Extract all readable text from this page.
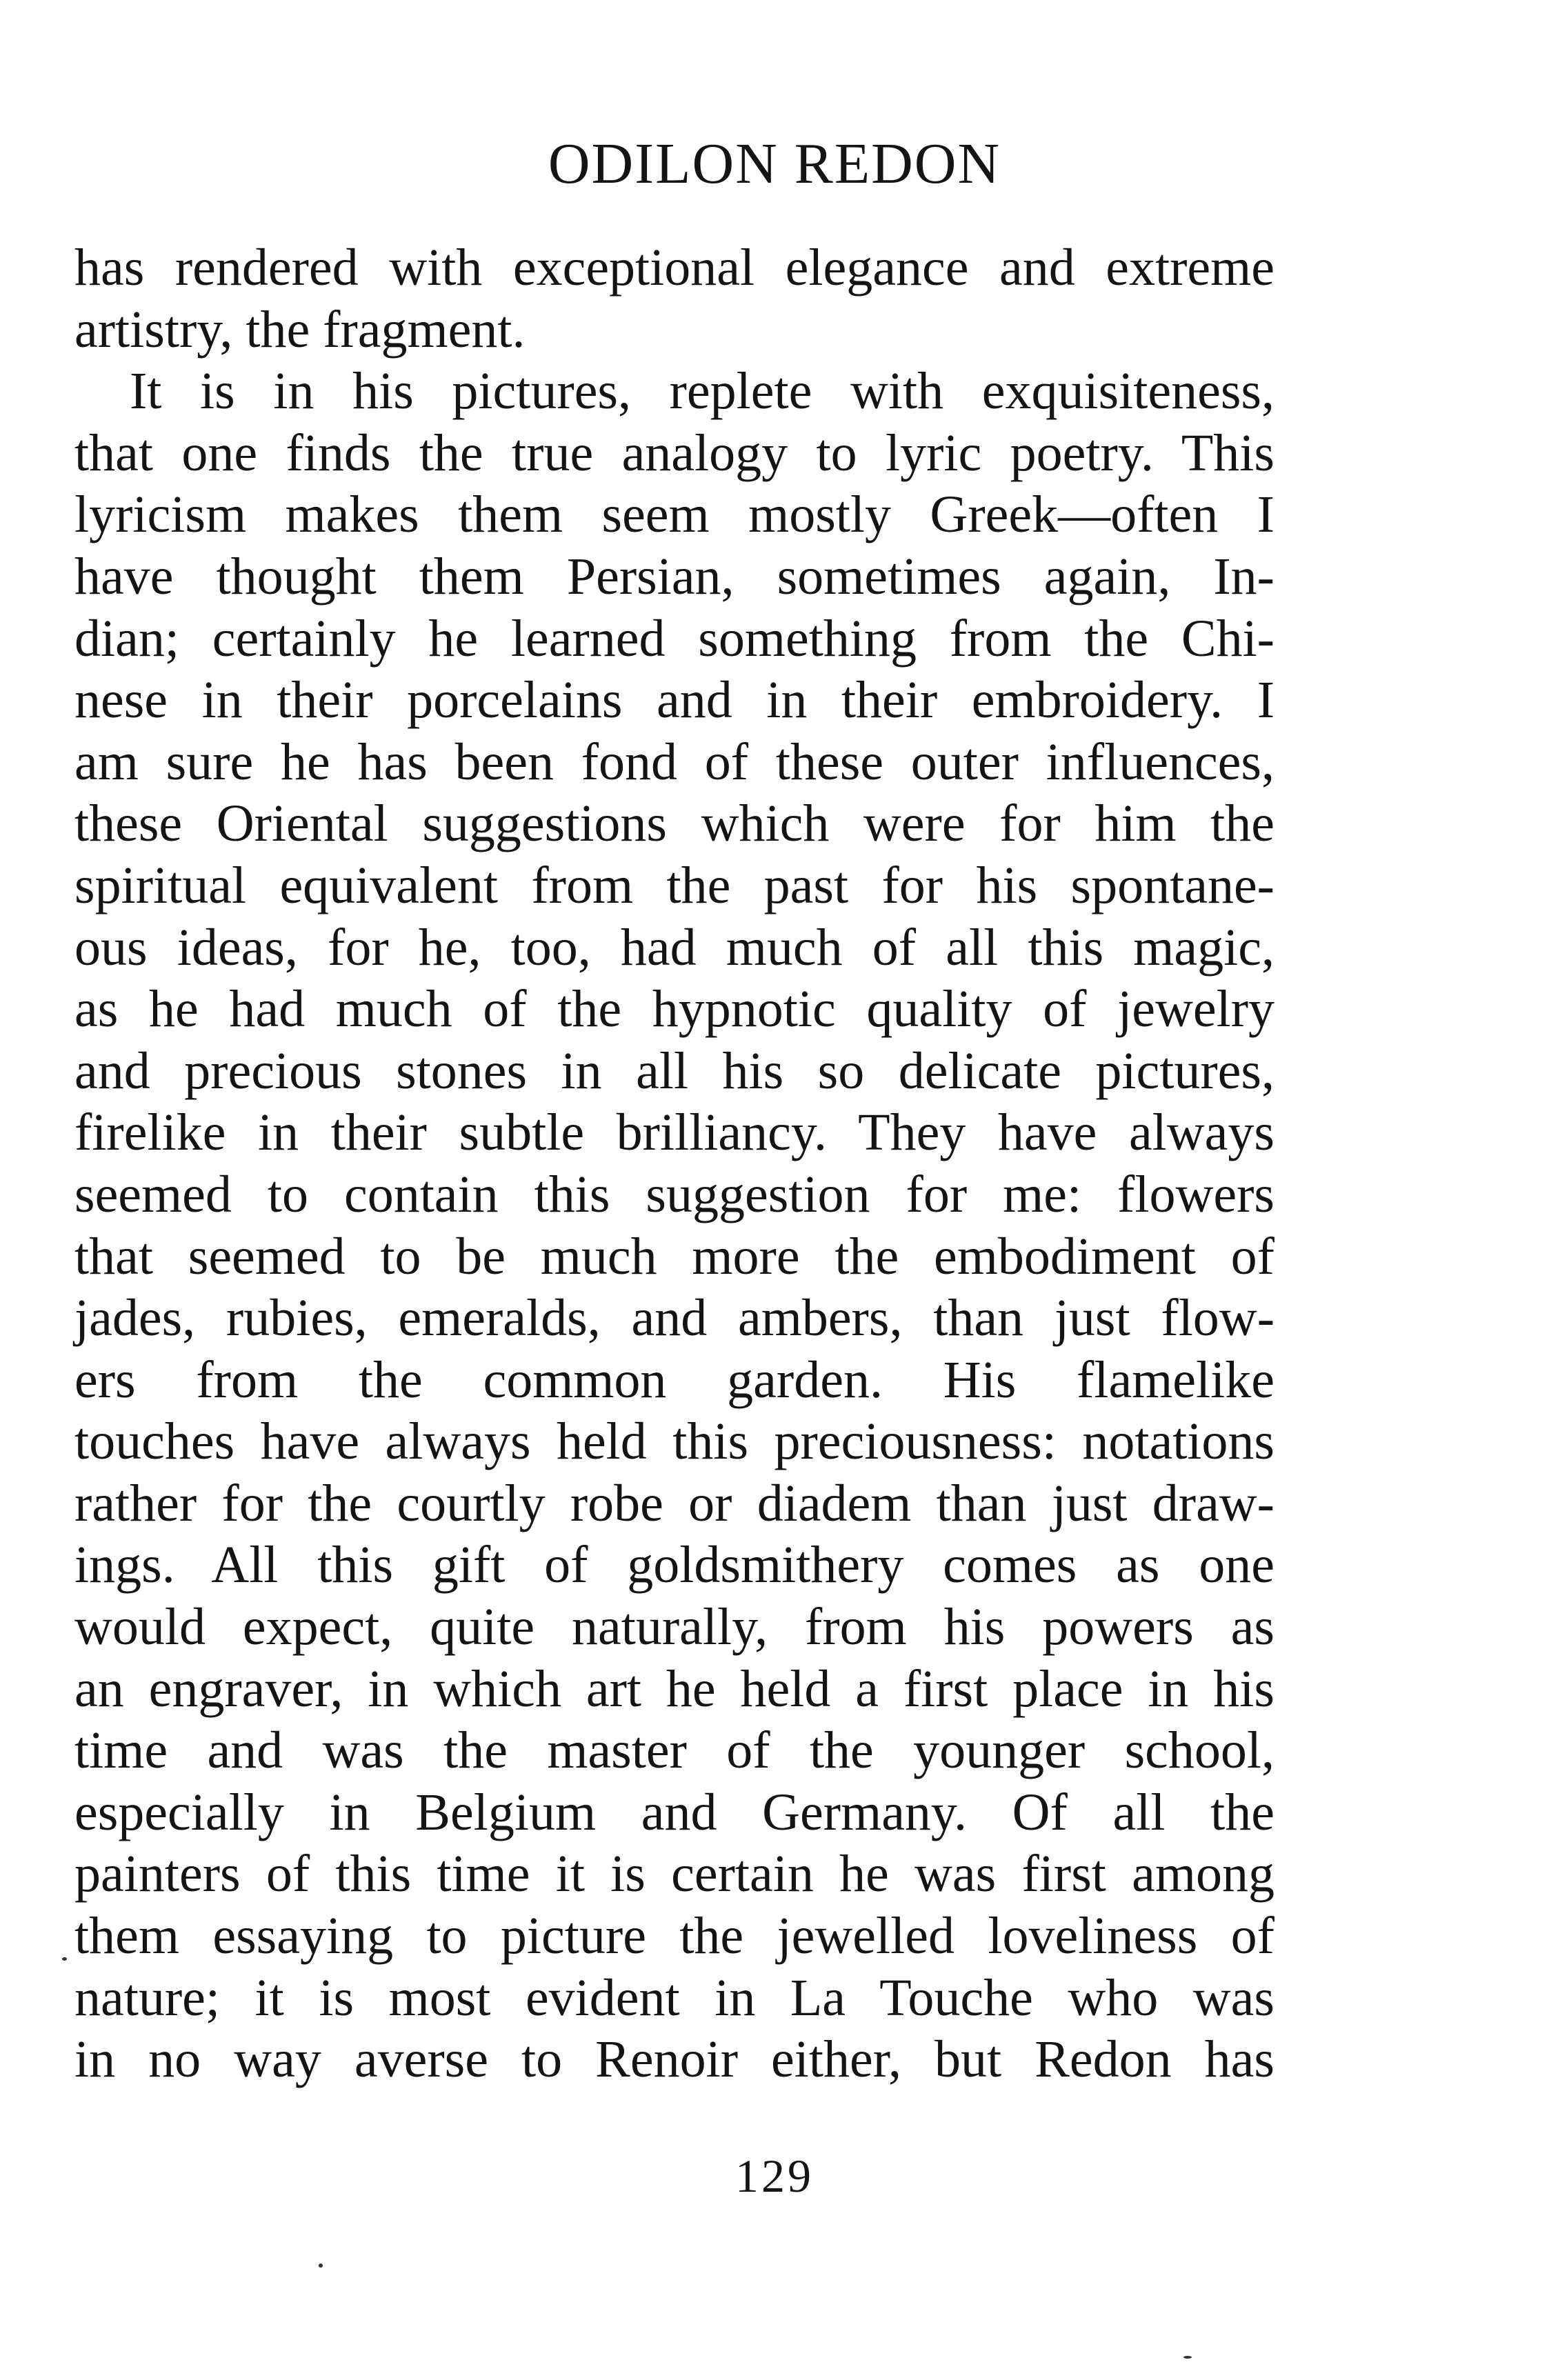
ODILON REDON
has rendered with exceptional elegance and extreme
artistry, the fragment.
It is in his pictures, replete with exquisiteness,
that one finds the true analogy to lyric poetry. This
lyricism makes them seem mostly Greek—often I
have thought them Persian, sometimes again, In-
dian; certainly he learned something from the Chi-
nese in their porcelains and in their embroidery. I
am sure he has been fond of these outer influences,
these Oriental suggestions which were for him the
spiritual equivalent from the past for his spontane-
ous ideas, for he, too, had much of all this magic,
as he had much of the hypnotic quality of jewelry
and precious stones in all his so delicate pictures,
firelike in their subtle brilliancy. They have always
seemed to contain this suggestion for me: flowers
that seemed to be much more the embodiment of
jades, rubies, emeralds, and ambers, than just flow-
ers from the common garden. His flamelike
touches have always held this preciousness: notations
rather for the courtly robe or diadem than just draw-
ings. All this gift of goldsmithery comes as one
would expect, quite naturally, from his powers as
an engraver, in which art he held a first place in his
time and was the master of the younger school,
especially in Belgium and Germany. Of all the
painters of this time it is certain he was first among
them essaying to picture the jewelled loveliness of
nature; it is most evident in La Touche who was
in no way averse to Renoir either, but Redon has
129
